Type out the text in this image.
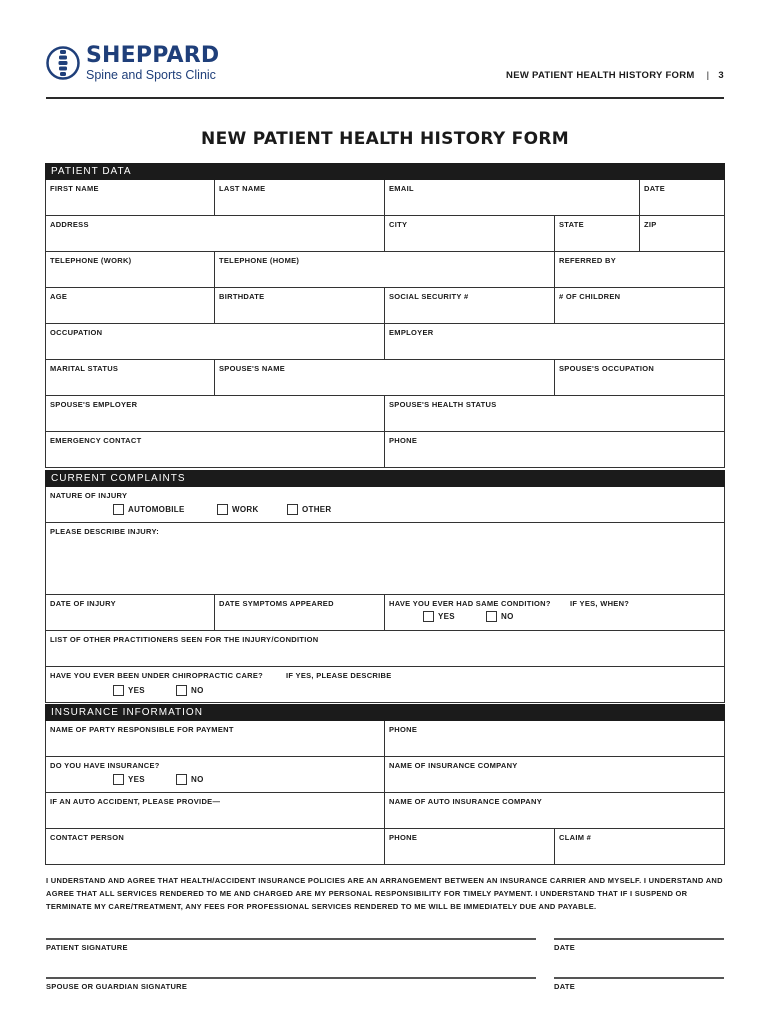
SHEPPARD
Spine and Sports Clinic	NEW PATIENT HEALTH HISTORY FORM | 3
NEW PATIENT HEALTH HISTORY FORM
PATIENT DATA
FIRST NAME	LAST NAME	EMAIL	DATE
ADDRESS	CITY	STATE	ZIP
TELEPHONE (WORK)	TELEPHONE (HOME)	REFERRED BY
AGE	BIRTHDATE	SOCIAL SECURITY #	# OF CHILDREN
OCCUPATION	EMPLOYER
MARITAL STATUS	SPOUSE'S NAME	SPOUSE'S OCCUPATION
SPOUSE'S EMPLOYER	SPOUSE'S HEALTH STATUS
EMERGENCY CONTACT	PHONE
CURRENT COMPLAINTS
NATURE OF INJURY
AUTOMOBILE	WORK	OTHER
PLEASE DESCRIBE INJURY:
DATE OF INJURY	DATE SYMPTOMS APPEARED	HAVE YOU EVER HAD SAME CONDITION?	IF YES, WHEN?
YES	NO
LIST OF OTHER PRACTITIONERS SEEN FOR THE INJURY/CONDITION
HAVE YOU EVER BEEN UNDER CHIROPRACTIC CARE?	IF YES, PLEASE DESCRIBE
YES	NO
INSURANCE INFORMATION
NAME OF PARTY RESPONSIBLE FOR PAYMENT	PHONE
DO YOU HAVE INSURANCE?	NAME OF INSURANCE COMPANY
YES	NO
IF AN AUTO ACCIDENT, PLEASE PROVIDE—	NAME OF AUTO INSURANCE COMPANY
CONTACT PERSON	PHONE	CLAIM #
I UNDERSTAND AND AGREE THAT HEALTH/ACCIDENT INSURANCE POLICIES ARE AN ARRANGEMENT BETWEEN AN INSURANCE CARRIER AND MYSELF. I UNDERSTAND AND AGREE THAT ALL SERVICES RENDERED TO ME AND CHARGED ARE MY PERSONAL RESPONSIBILITY FOR TIMELY PAYMENT. I UNDERSTAND THAT IF I SUSPEND OR TERMINATE MY CARE/TREATMENT, ANY FEES FOR PROFESSIONAL SERVICES RENDERED TO ME WILL BE IMMEDIATELY DUE AND PAYABLE.
PATIENT SIGNATURE	DATE
SPOUSE OR GUARDIAN SIGNATURE	DATE
